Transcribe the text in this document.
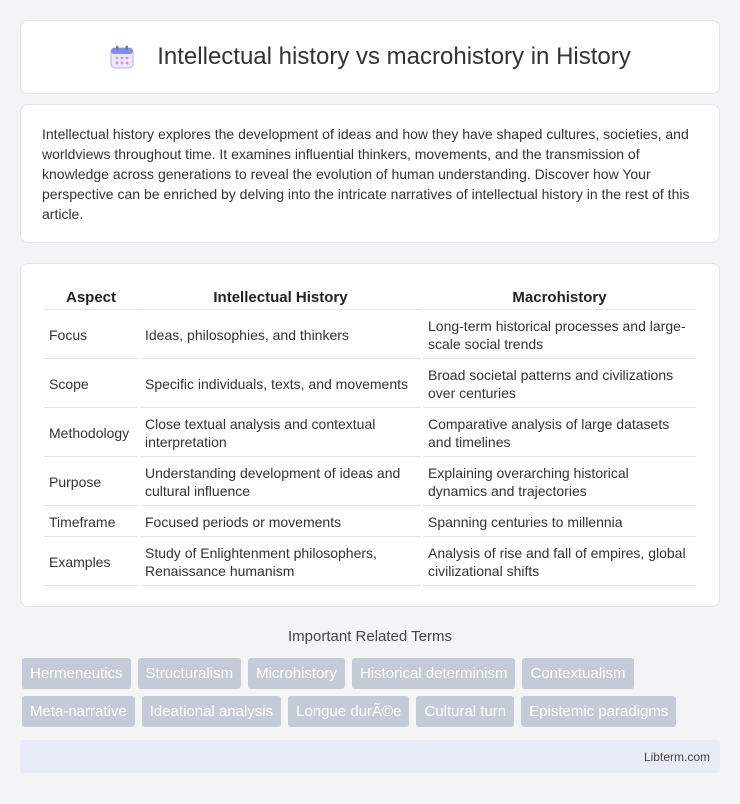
Intellectual history vs macrohistory in History

Intellectual history explores the development of ideas and how they have shaped cultures, societies, and worldviews throughout time. It examines influential thinkers, movements, and the transmission of knowledge across generations to reveal the evolution of human understanding. Discover how Your perspective can be enriched by delving into the intricate narratives of intellectual history in the rest of this article.

Aspect	Intellectual History	Macrohistory
Focus	Ideas, philosophies, and thinkers	Long-term historical processes and large-scale social trends
Scope	Specific individuals, texts, and movements	Broad societal patterns and civilizations over centuries
Methodology	Close textual analysis and contextual interpretation	Comparative analysis of large datasets and timelines
Purpose	Understanding development of ideas and cultural influence	Explaining overarching historical dynamics and trajectories
Timeframe	Focused periods or movements	Spanning centuries to millennia
Examples	Study of Enlightenment philosophers, Renaissance humanism	Analysis of rise and fall of empires, global civilizational shifts
Important Related Terms
Hermeneutics	Structuralism	Microhistory	Historical determinism	Contextualism
Meta-narrative	Ideational analysis	Longue durÃ©e	Cultural turn	Epistemic paradigms
Libterm.com
